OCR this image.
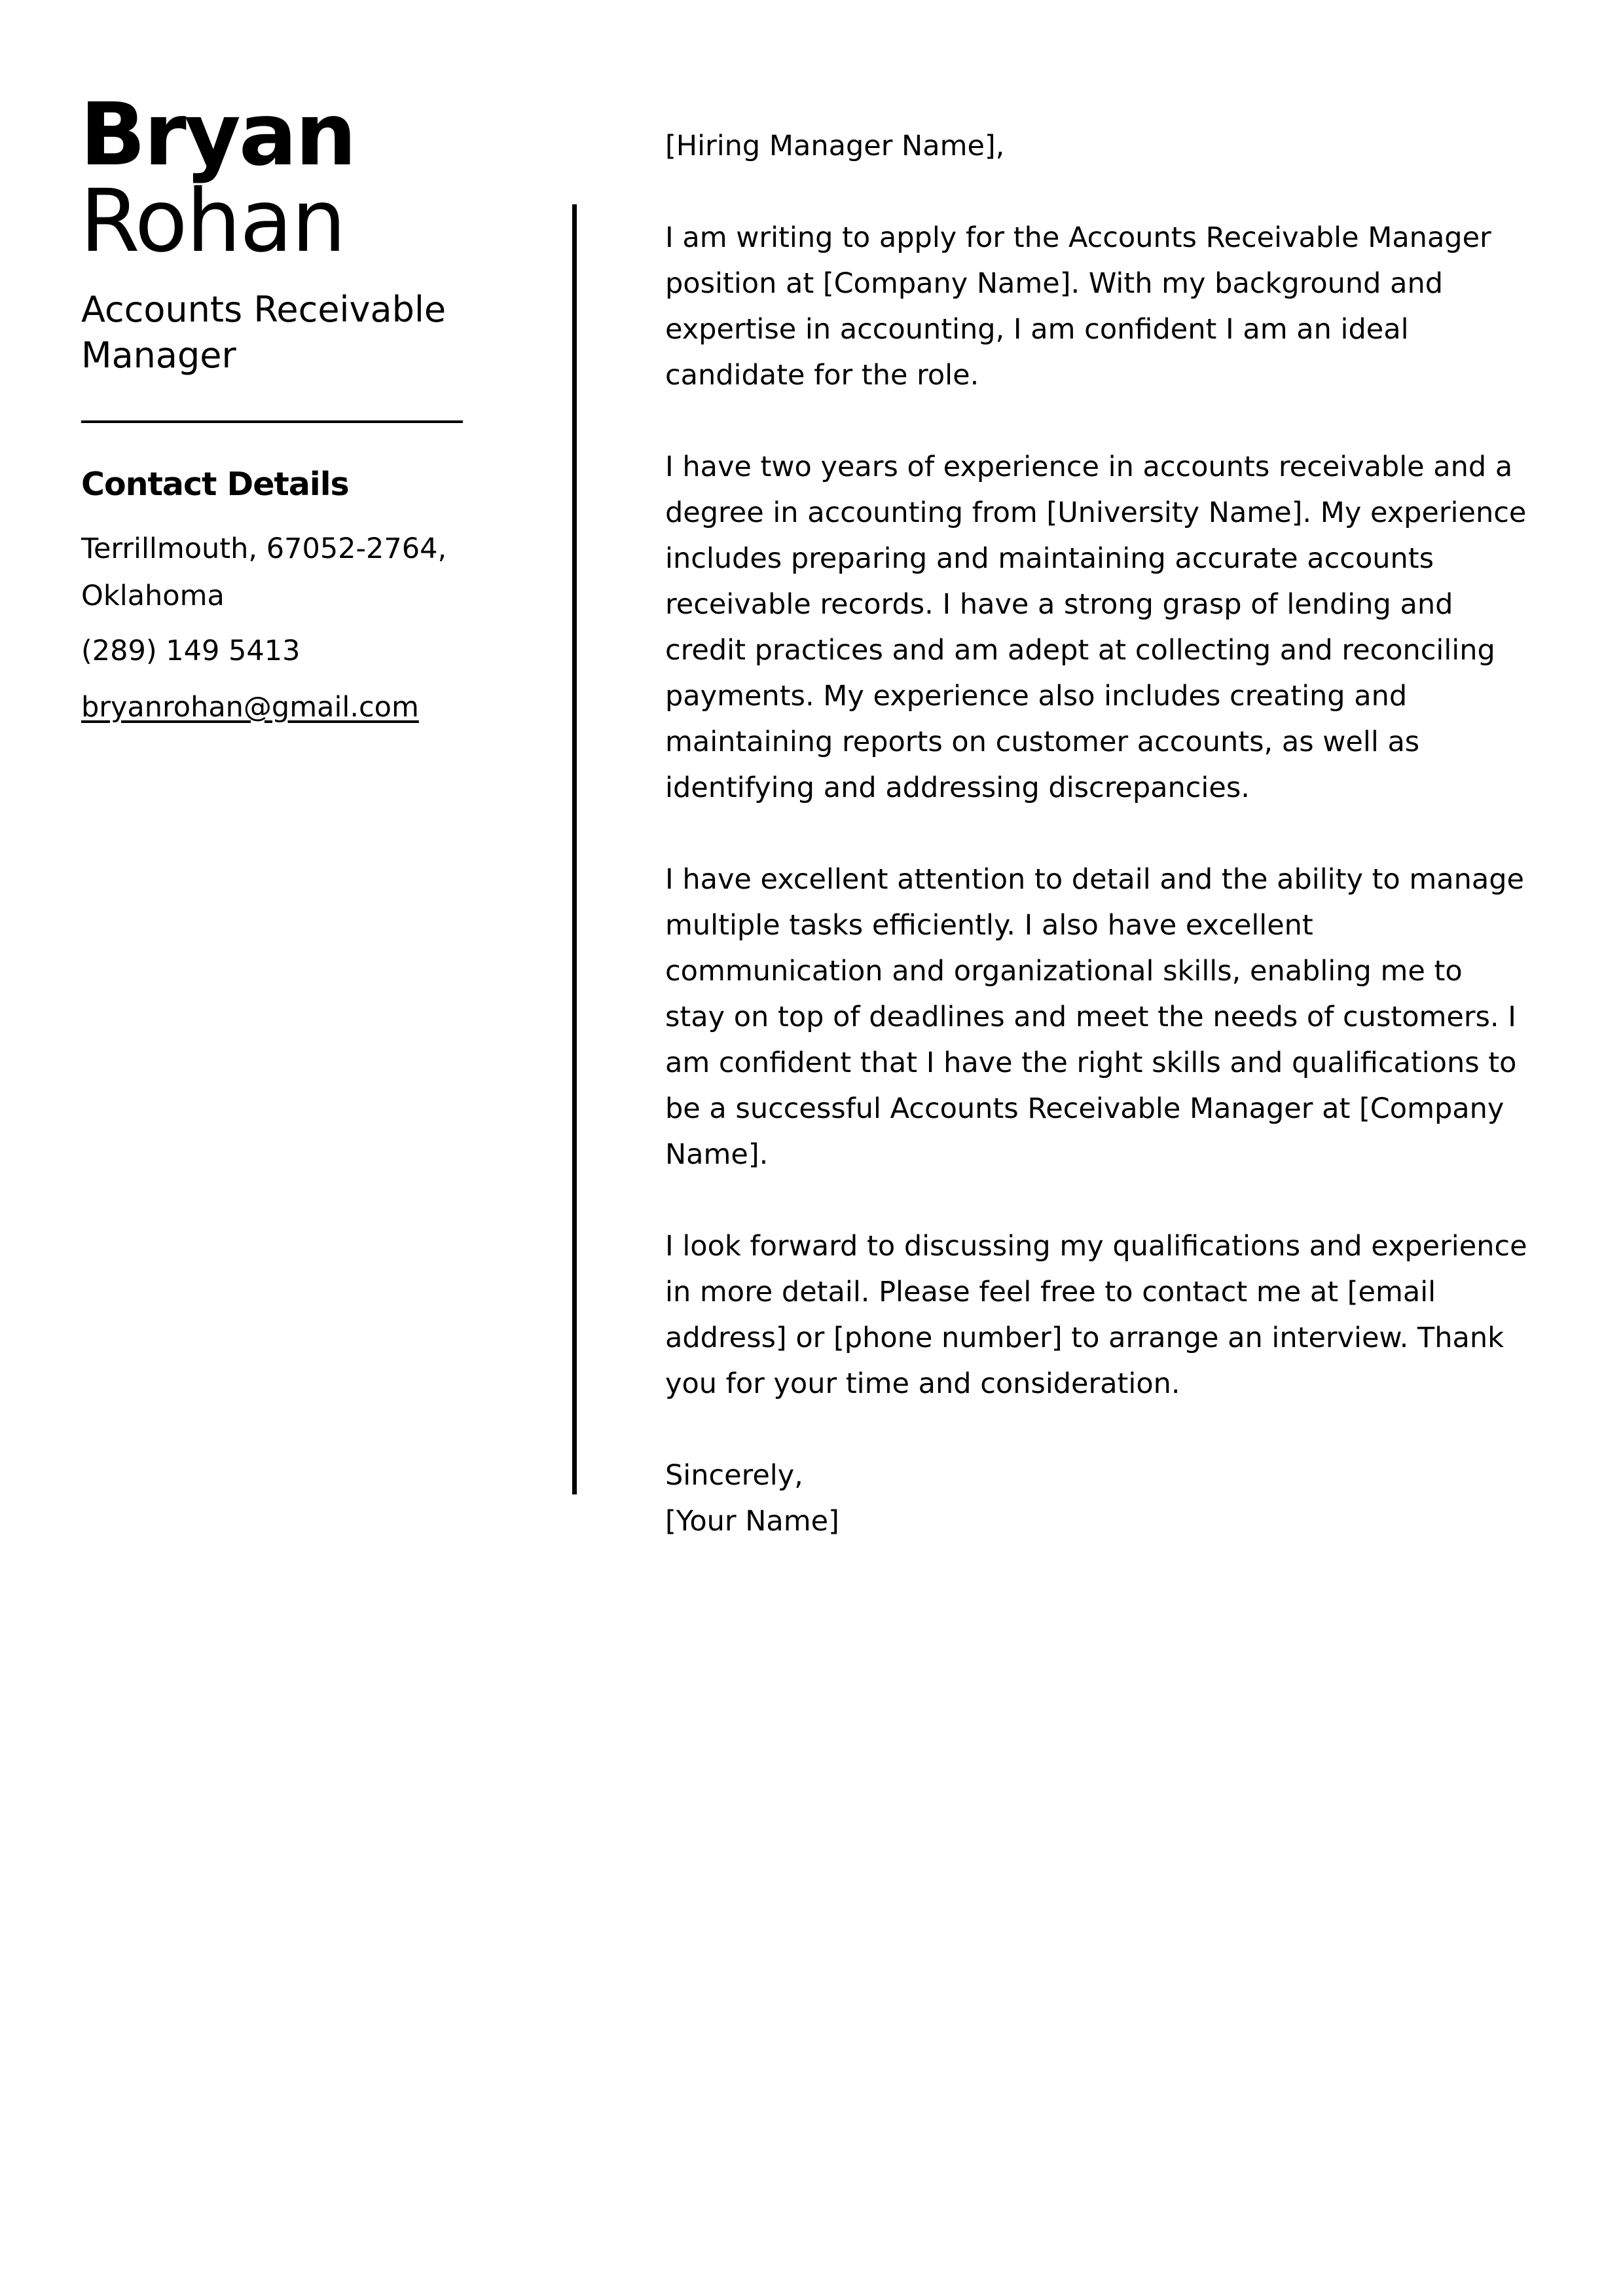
Bryan
Rohan
Accounts Receivable Manager
Contact Details
Terrillmouth, 67052-2764, Oklahoma
(289) 149 5413
bryanrohan@gmail.com

[Hiring Manager Name],

I am writing to apply for the Accounts Receivable Manager position at [Company Name]. With my background and expertise in accounting, I am confident I am an ideal candidate for the role.

I have two years of experience in accounts receivable and a degree in accounting from [University Name]. My experience includes preparing and maintaining accurate accounts receivable records. I have a strong grasp of lending and credit practices and am adept at collecting and reconciling payments. My experience also includes creating and maintaining reports on customer accounts, as well as identifying and addressing discrepancies.

I have excellent attention to detail and the ability to manage multiple tasks efficiently. I also have excellent communication and organizational skills, enabling me to stay on top of deadlines and meet the needs of customers. I am confident that I have the right skills and qualifications to be a successful Accounts Receivable Manager at [Company Name].

I look forward to discussing my qualifications and experience in more detail. Please feel free to contact me at [email address] or [phone number] to arrange an interview. Thank you for your time and consideration.

Sincerely,

[Your Name]
